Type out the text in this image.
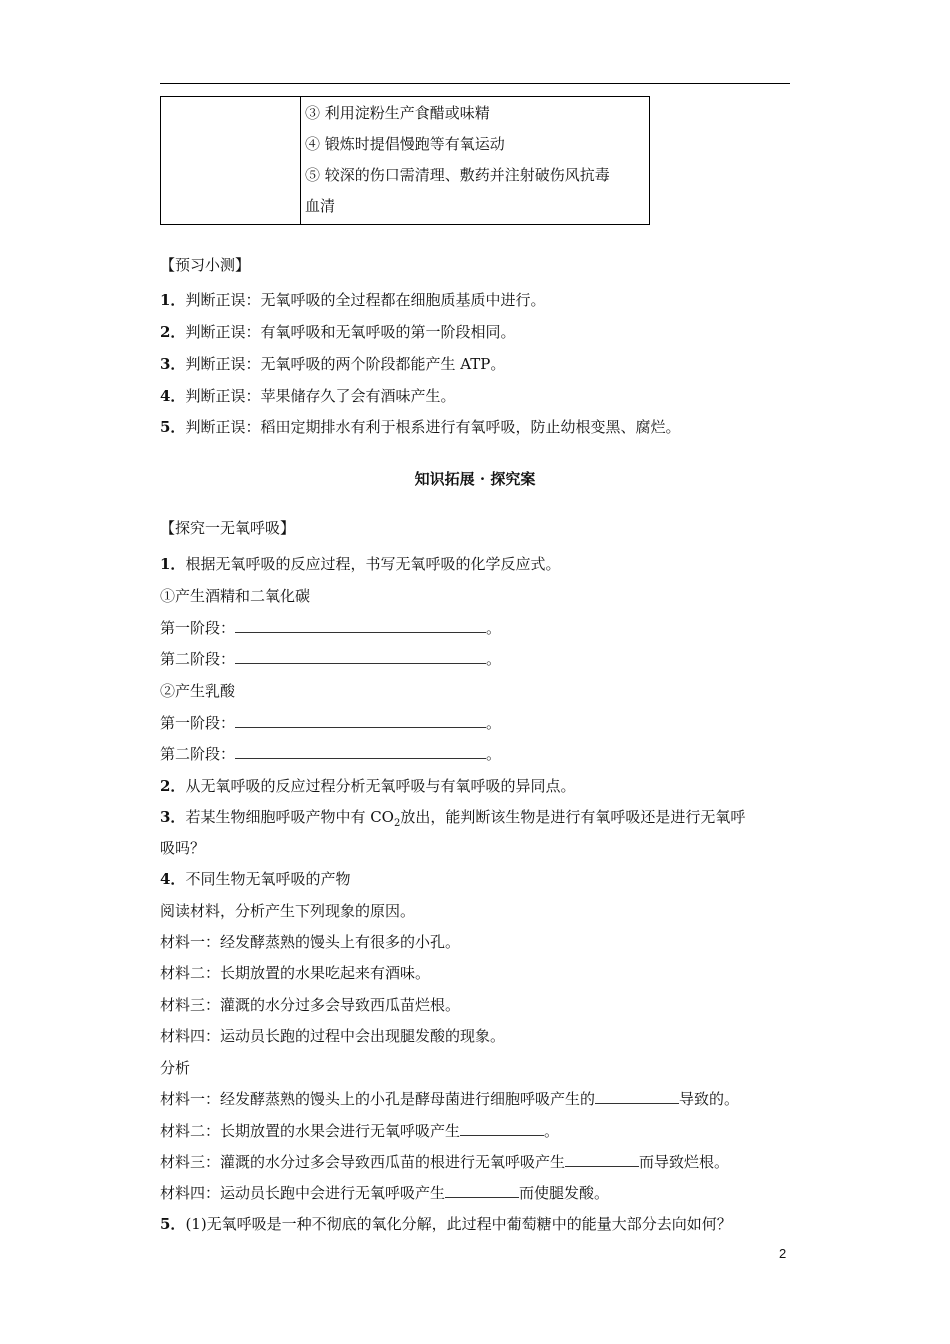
③ 利用淀粉生产食醋或味精
④ 锻炼时提倡慢跑等有氧运动
⑤ 较深的伤口需清理、敷药并注射破伤风抗毒
血清
【预习小测】
1．判断正误：无氧呼吸的全过程都在细胞质基质中进行。
2．判断正误：有氧呼吸和无氧呼吸的第一阶段相同。
3．判断正误：无氧呼吸的两个阶段都能产生 ATP。
4．判断正误：苹果储存久了会有酒味产生。
5．判断正误：稻田定期排水有利于根系进行有氧呼吸，防止幼根变黑、腐烂。
知识拓展 · 探究案
【探究一无氧呼吸】
1．根据无氧呼吸的反应过程，书写无氧呼吸的化学反应式。
①产生酒精和二氧化碳
第一阶段：	。
第二阶段：	。
②产生乳酸
第一阶段：	。
第二阶段：	。
2．从无氧呼吸的反应过程分析无氧呼吸与有氧呼吸的异同点。
3．若某生物细胞呼吸产物中有 $CO_2$放出，能判断该生物是进行有氧呼吸还是进行无氧呼
吸吗？
4．不同生物无氧呼吸的产物
阅读材料，分析产生下列现象的原因。
材料一：经发酵蒸熟的馒头上有很多的小孔。
材料二：长期放置的水果吃起来有酒味。
材料三：灌溉的水分过多会导致西瓜苗烂根。
材料四：运动员长跑的过程中会出现腿发酸的现象。
分析
材料一：经发酵蒸熟的馒头上的小孔是酵母菌进行细胞呼吸产生的	导致的。
材料二：长期放置的水果会进行无氧呼吸产生	。
材料三：灌溉的水分过多会导致西瓜苗的根进行无氧呼吸产生	而导致烂根。
材料四：运动员长跑中会进行无氧呼吸产生	而使腿发酸。
5．(1)无氧呼吸是一种不彻底的氧化分解，此过程中葡萄糖中的能量大部分去向如何？
2
